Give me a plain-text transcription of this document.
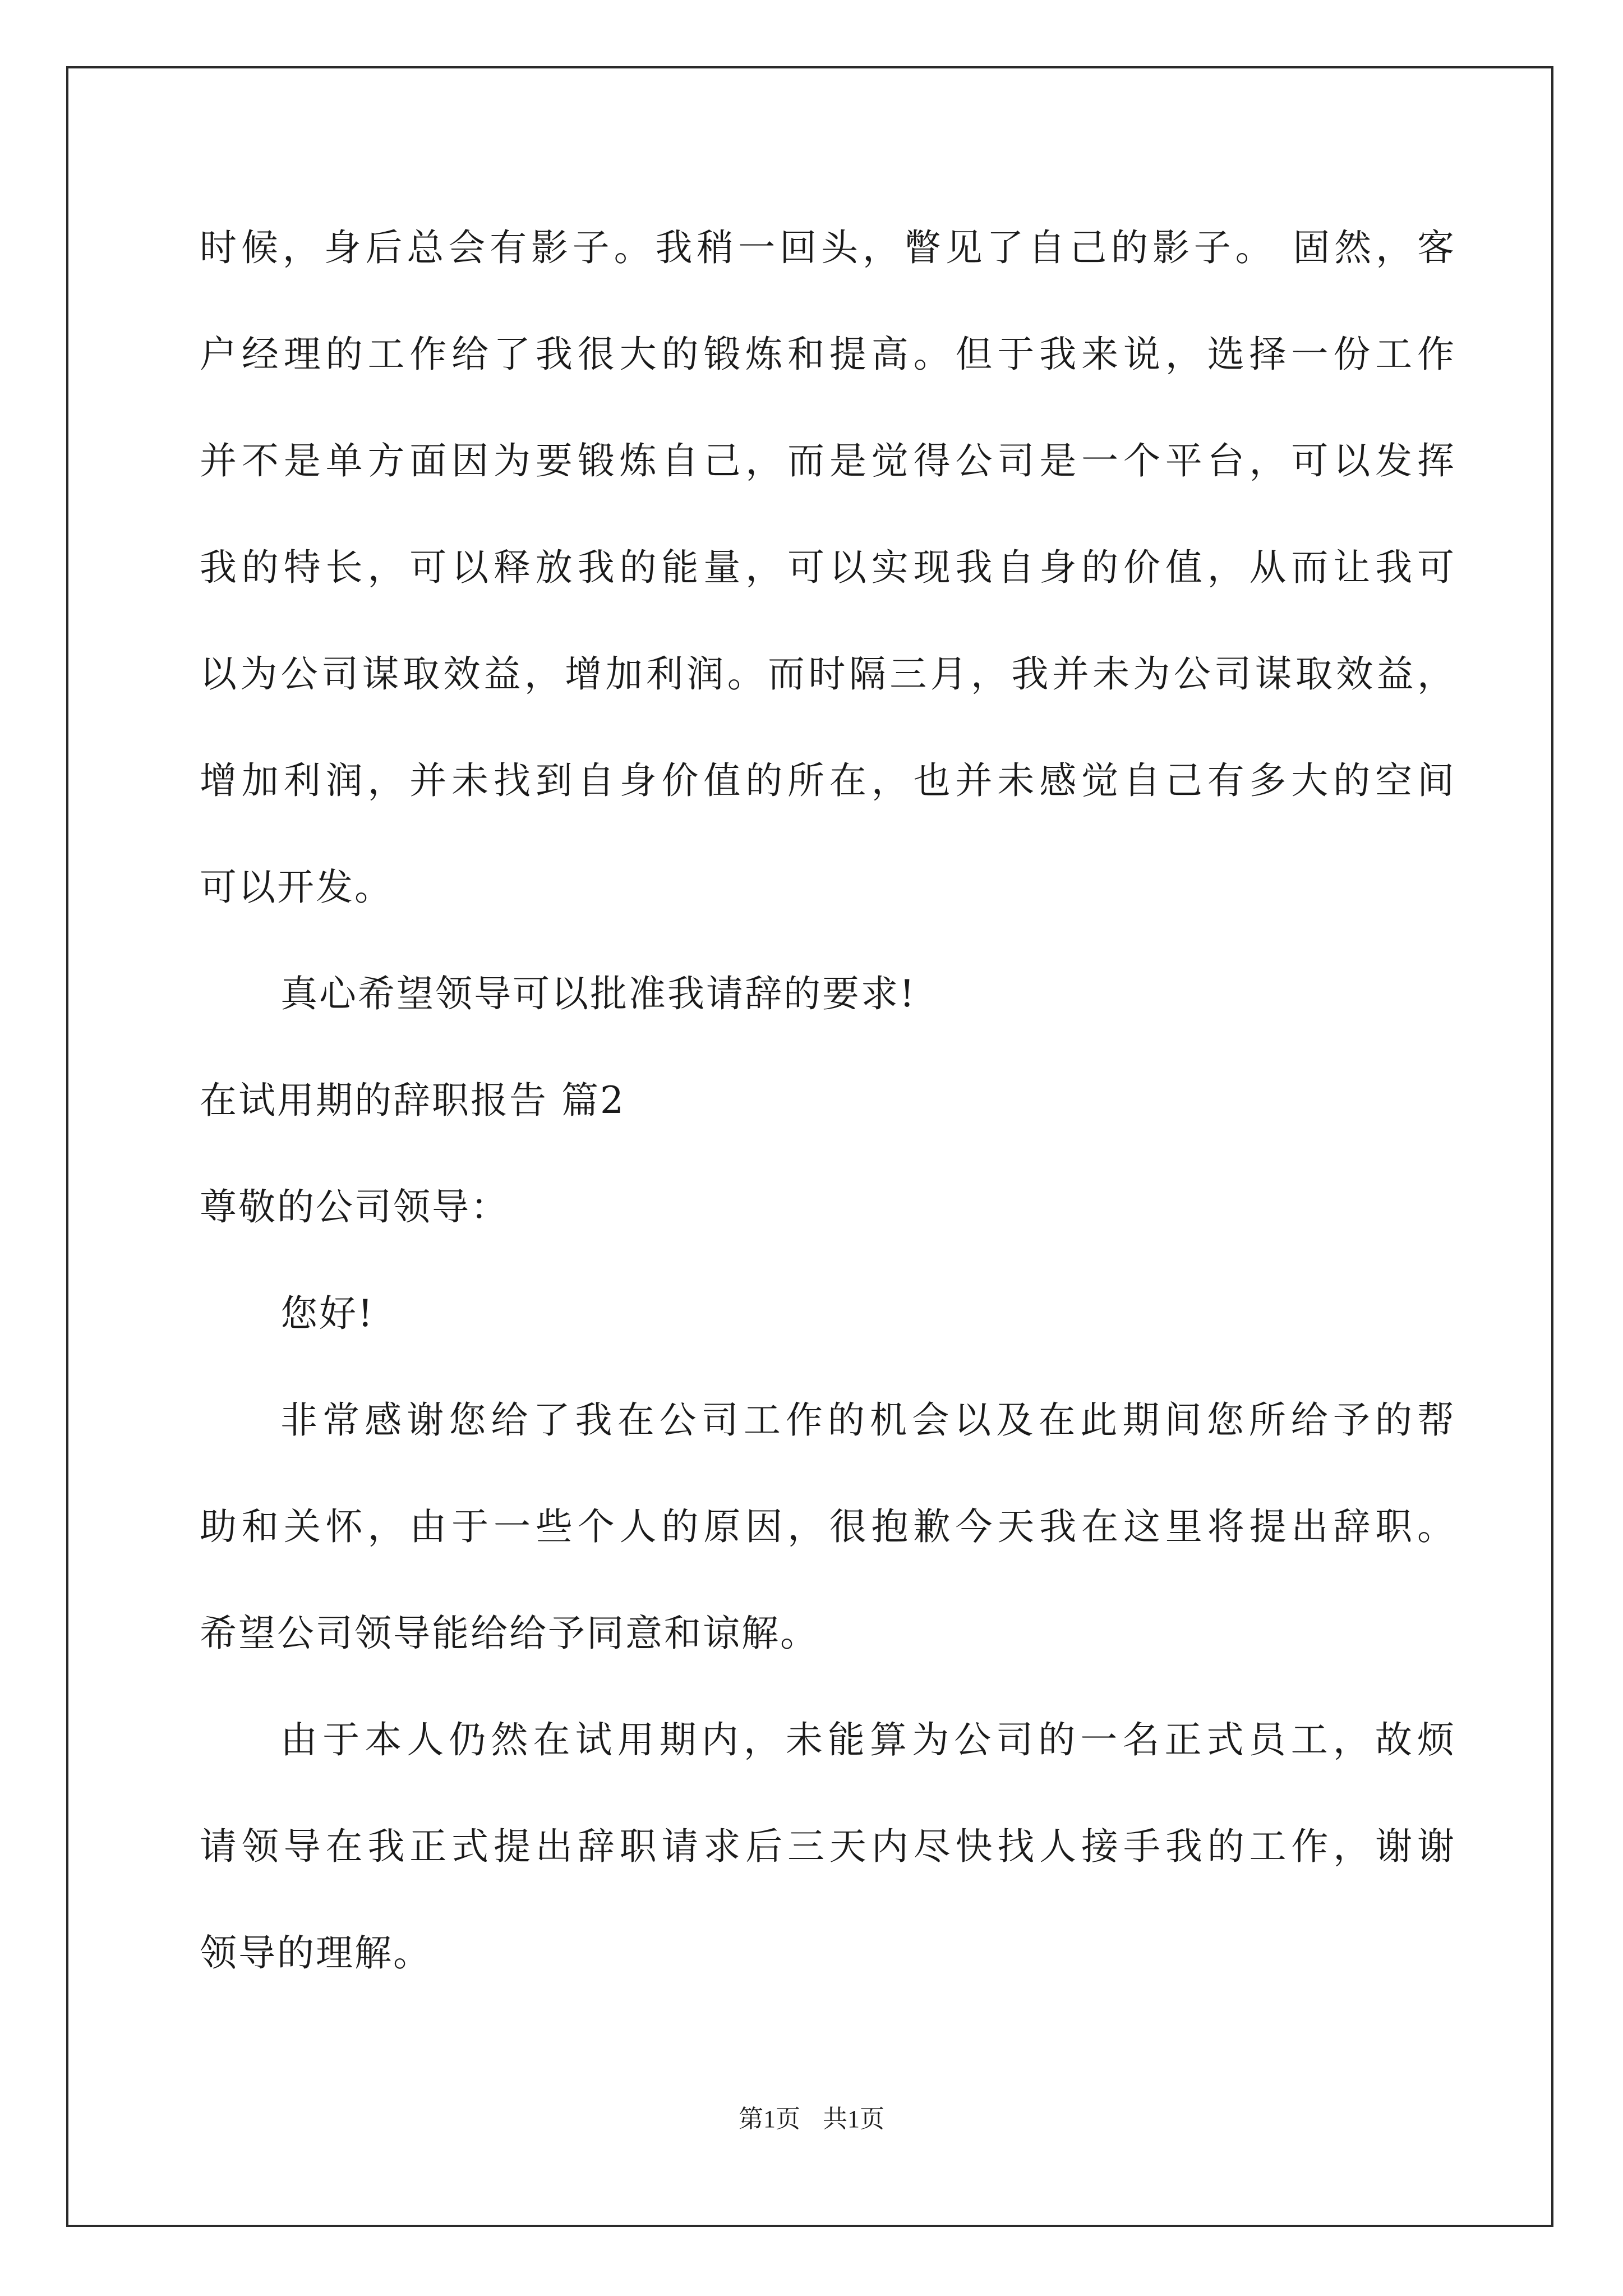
时候，身后总会有影子。我稍一回头，瞥见了自己的影子。 固然，客
户经理的工作给了我很大的锻炼和提高。但于我来说，选择一份工作
并不是单方面因为要锻炼自己，而是觉得公司是一个平台，可以发挥
我的特长，可以释放我的能量，可以实现我自身的价值，从而让我可
以为公司谋取效益，增加利润。而时隔三月，我并未为公司谋取效益，
增加利润，并未找到自身价值的所在，也并未感觉自己有多大的空间
可以开发。
真心希望领导可以批准我请辞的要求!
在试用期的辞职报告 篇2
尊敬的公司领导：
您好!
非常感谢您给了我在公司工作的机会以及在此期间您所给予的帮
助和关怀，由于一些个人的原因，很抱歉今天我在这里将提出辞职。
希望公司领导能给给予同意和谅解。
由于本人仍然在试用期内，未能算为公司的一名正式员工，故烦
请领导在我正式提出辞职请求后三天内尽快找人接手我的工作，谢谢
领导的理解。
第1页 共1页
